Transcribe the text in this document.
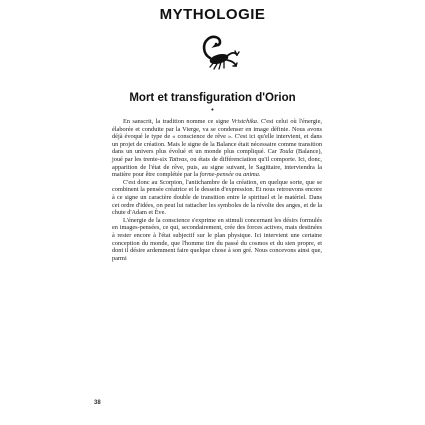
MYTHOLOGIE
Mort et transfiguration d'Orion
•

En sanscrit, la tradition nomme ce signe Vristchika. C'est celui où l'énergie, élaborée et conduite par la Vierge, va se condenser en image définie. Nous avons déjà évoqué le type de « conscience de rêve ». C'est ici qu'elle intervient, et dans un projet de création. Mais le signe de la Balance était nécessaire comme transition dans un univers plus évolué et un monde plus compliqué. Car Toula (Balance), joué par les trente-six Tattvas, ou états de différenciation qu'il comporte. Ici, donc, apparition de l'état de rêve, puis, au signe suivant, le Sagittaire, interviendra la matière pour être complétée par la forme-pensée ou anima.

C'est donc au Scorpion, l'antichambre de la création, en quelque sorte, que se combinent la pensée créatrice et le dessein d'expression. Et nous retrouvons encore à ce signe un caractère double de transition entre le spirituel et le matériel. Dans cet ordre d'idées, on peut lui rattacher les symboles de la révolte des anges, et de la chute d'Adam et Ève.

L'énergie de la conscience s'exprime en stimuli concernant les désirs formulés en images-pensées, ce qui, secondairement, crée des forces actives, mais destinées à rester encore à l'état subjectif sur le plan physique. Ici intervient une certaine conception du monde, que l'homme tire du passé du cosmos et du sien propre, et dont il désire ardemment faire quelque chose à son gré. Nous concevons ainsi que, parmi

38
